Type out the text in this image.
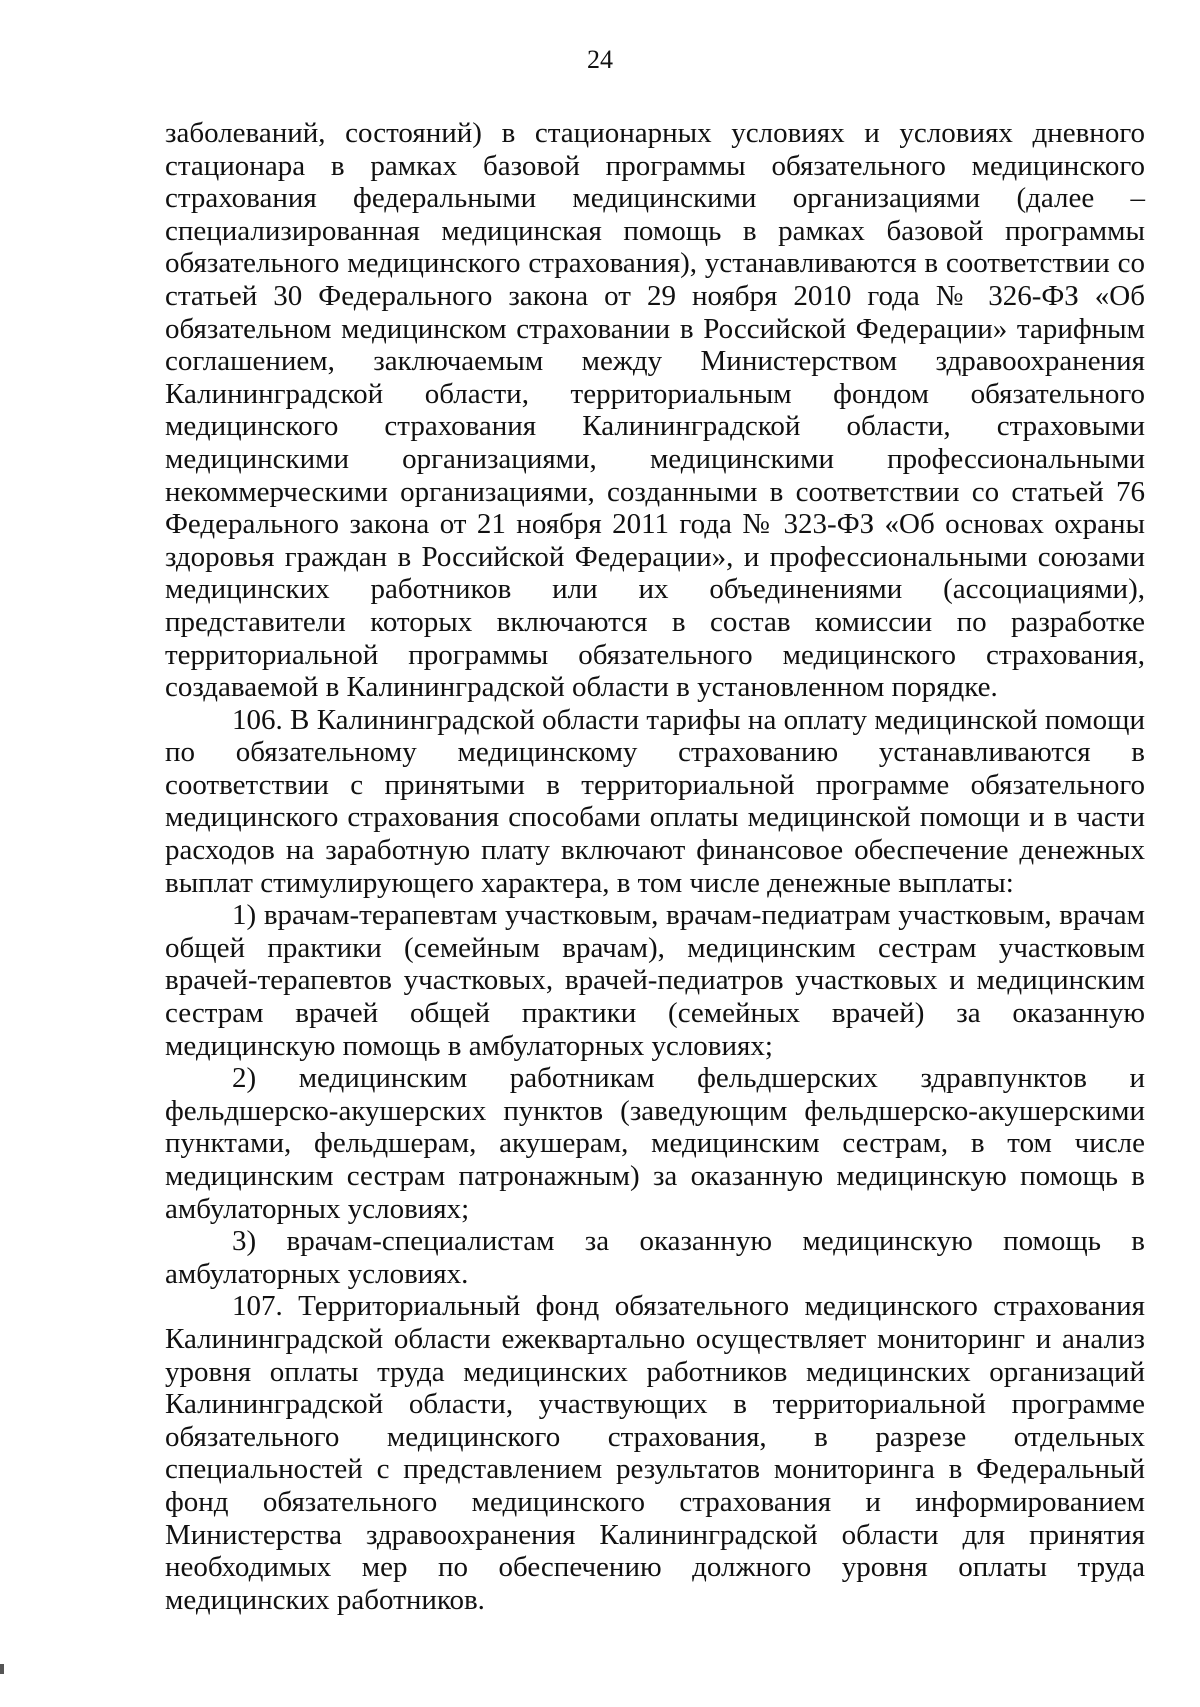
24

заболеваний, состояний) в стационарных условиях и условиях дневного стационара в рамках базовой программы обязательного медицинского страхования федеральными медицинскими организациями (далее – специализированная медицинская помощь в рамках базовой программы обязательного медицинского страхования), устанавливаются в соответствии со статьей 30 Федерального закона от 29 ноября 2010 года № 326-ФЗ «Об обязательном медицинском страховании в Российской Федерации» тарифным соглашением, заключаемым между Министерством здравоохранения Калининградской области, территориальным фондом обязательного медицинского страхования Калининградской области, страховыми медицинскими организациями, медицинскими профессиональными некоммерческими организациями, созданными в соответствии со статьей 76 Федерального закона от 21 ноября 2011 года № 323-ФЗ «Об основах охраны здоровья граждан в Российской Федерации», и профессиональными союзами медицинских работников или их объединениями (ассоциациями), представители которых включаются в состав комиссии по разработке территориальной программы обязательного медицинского страхования, создаваемой в Калининградской области в установленном порядке.

106. В Калининградской области тарифы на оплату медицинской помощи по обязательному медицинскому страхованию устанавливаются в соответствии с принятыми в территориальной программе обязательного медицинского страхования способами оплаты медицинской помощи и в части расходов на заработную плату включают финансовое обеспечение денежных выплат стимулирующего характера, в том числе денежные выплаты:

1) врачам-терапевтам участковым, врачам-педиатрам участковым, врачам общей практики (семейным врачам), медицинским сестрам участковым врачей-терапевтов участковых, врачей-педиатров участковых и медицинским сестрам врачей общей практики (семейных врачей) за оказанную медицинскую помощь в амбулаторных условиях;

2) медицинским работникам фельдшерских здравпунктов и фельдшерско-акушерских пунктов (заведующим фельдшерско-акушерскими пунктами, фельдшерам, акушерам, медицинским сестрам, в том числе медицинским сестрам патронажным) за оказанную медицинскую помощь в амбулаторных условиях;

3) врачам-специалистам за оказанную медицинскую помощь в амбулаторных условиях.

107. Территориальный фонд обязательного медицинского страхования Калининградской области ежеквартально осуществляет мониторинг и анализ уровня оплаты труда медицинских работников медицинских организаций Калининградской области, участвующих в территориальной программе обязательного медицинского страхования, в разрезе отдельных специальностей с представлением результатов мониторинга в Федеральный фонд обязательного медицинского страхования и информированием Министерства здравоохранения Калининградской области для принятия необходимых мер по обеспечению должного уровня оплаты труда медицинских работников.
